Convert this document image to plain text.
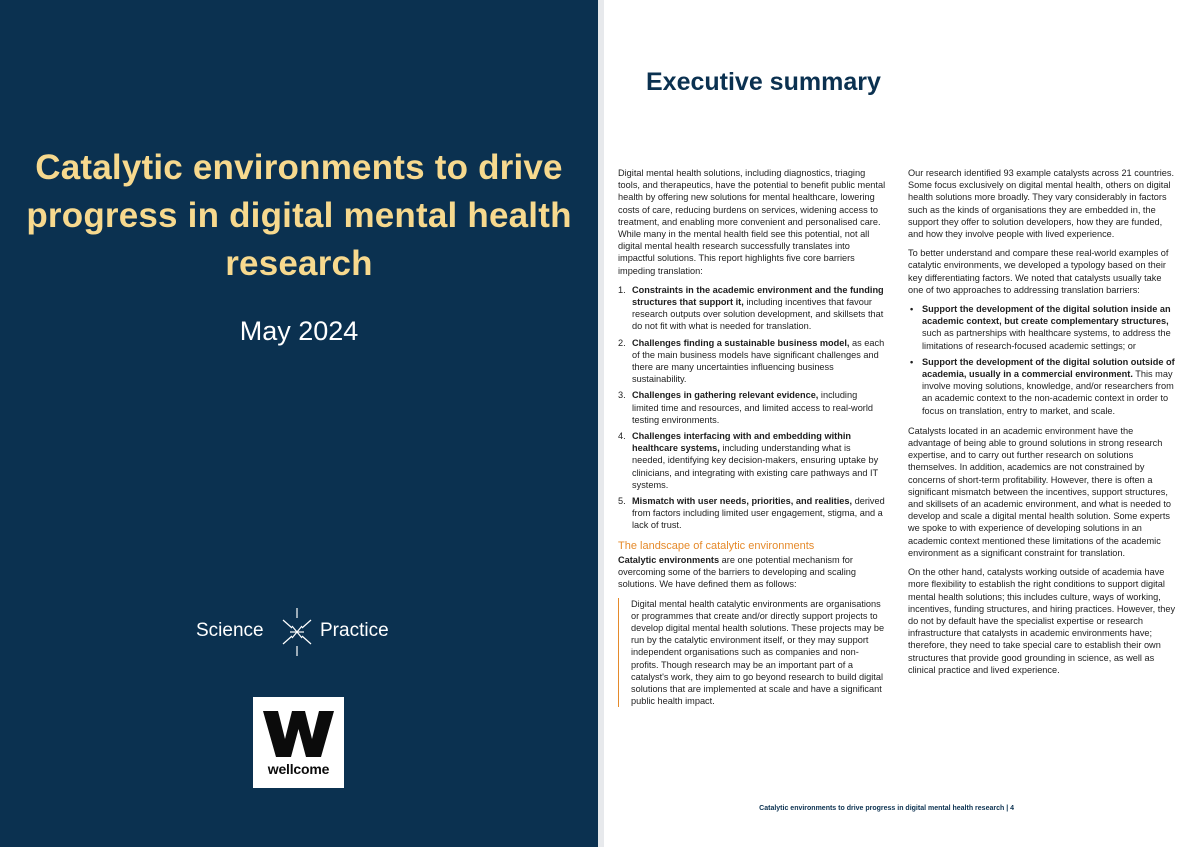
Catalytic environments to drive progress in digital mental health research
May 2024
Science	Practice
wellcome
Executive summary

Digital mental health solutions, including diagnostics, triaging tools, and therapeutics, have the potential to benefit public mental health by offering new solutions for mental healthcare, lowering costs of care, reducing burdens on services, widening access to treatment, and enabling more convenient and personalised care. While many in the mental health field see this potential, not all digital mental health research successfully translates into impactful solutions. This report highlights five core barriers impeding translation:

1. Constraints in the academic environment and the funding structures that support it, including incentives that favour research outputs over solution development, and skillsets that do not fit with what is needed for translation.
2. Challenges finding a sustainable business model, as each of the main business models have significant challenges and there are many uncertainties influencing business sustainability.
3. Challenges in gathering relevant evidence, including limited time and resources, and limited access to real-world testing environments.
4. Challenges interfacing with and embedding within healthcare systems, including understanding what is needed, identifying key decision-makers, ensuring uptake by clinicians, and integrating with existing care pathways and IT systems.
5. Mismatch with user needs, priorities, and realities, derived from factors including limited user engagement, stigma, and a lack of trust.
The landscape of catalytic environments

Catalytic environments are one potential mechanism for overcoming some of the barriers to developing and scaling solutions. We have defined them as follows:

Digital mental health catalytic environments are organisations or programmes that create and/or directly support projects to develop digital mental health solutions. These projects may be run by the catalytic environment itself, or they may support independent organisations such as companies and non-profits. Though research may be an important part of a catalyst's work, they aim to go beyond research to build digital solutions that are implemented at scale and have a significant public health impact.

Our research identified 93 example catalysts across 21 countries. Some focus exclusively on digital mental health, others on digital health solutions more broadly. They vary considerably in factors such as the kinds of organisations they are embedded in, the support they offer to solution developers, how they are funded, and how they involve people with lived experience.

To better understand and compare these real-world examples of catalytic environments, we developed a typology based on their key differentiating factors. We noted that catalysts usually take one of two approaches to addressing translation barriers:

• Support the development of the digital solution inside an academic context, but create complementary structures, such as partnerships with healthcare systems, to address the limitations of research-focused academic settings; or
• Support the development of the digital solution outside of academia, usually in a commercial environment. This may involve moving solutions, knowledge, and/or researchers from an academic context to the non-academic context in order to focus on translation, entry to market, and scale.

Catalysts located in an academic environment have the advantage of being able to ground solutions in strong research expertise, and to carry out further research on solutions themselves. In addition, academics are not constrained by concerns of short-term profitability. However, there is often a significant mismatch between the incentives, support structures, and skillsets of an academic environment, and what is needed to develop and scale a digital mental health solution. Some experts we spoke to with experience of developing solutions in an academic context mentioned these limitations of the academic environment as a significant constraint for translation.

On the other hand, catalysts working outside of academia have more flexibility to establish the right conditions to support digital mental health solutions; this includes culture, ways of working, incentives, funding structures, and hiring practices. However, they do not by default have the specialist expertise or research infrastructure that catalysts in academic environments have; therefore, they need to take special care to establish their own structures that provide good grounding in science, as well as clinical practice and lived experience.

Catalytic environments to drive progress in digital mental health research | 4
